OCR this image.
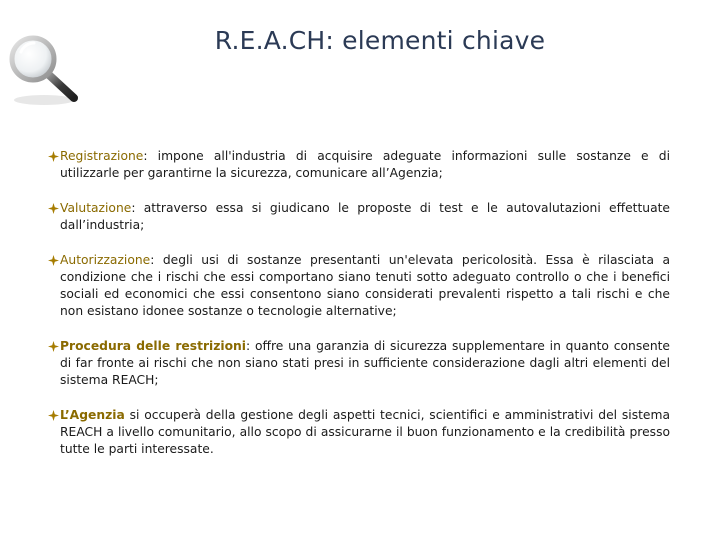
R.E.A.CH: elementi chiave
Registrazione: impone all'industria di acquisire adeguate informazioni sulle sostanze e di utilizzarle per garantirne la sicurezza, comunicare all’Agenzia;
Valutazione: attraverso essa si giudicano le proposte di test e le autovalutazioni effettuate dall’industria;
Autorizzazione: degli usi di sostanze presentanti un'elevata pericolosità. Essa è rilasciata a condizione che i rischi che essi comportano siano tenuti sotto adeguato controllo o che i benefici sociali ed economici che essi consentono siano considerati prevalenti rispetto a tali rischi e che non esistano idonee sostanze o tecnologie alternative;
Procedura delle restrizioni: offre una garanzia di sicurezza supplementare in quanto consente di far fronte ai rischi che non siano stati presi in sufficiente considerazione dagli altri elementi del sistema REACH;
L’Agenzia si occuperà della gestione degli aspetti tecnici, scientifici e amministrativi del sistema REACH a livello comunitario, allo scopo di assicurarne il buon funzionamento e la credibilità presso tutte le parti interessate.
